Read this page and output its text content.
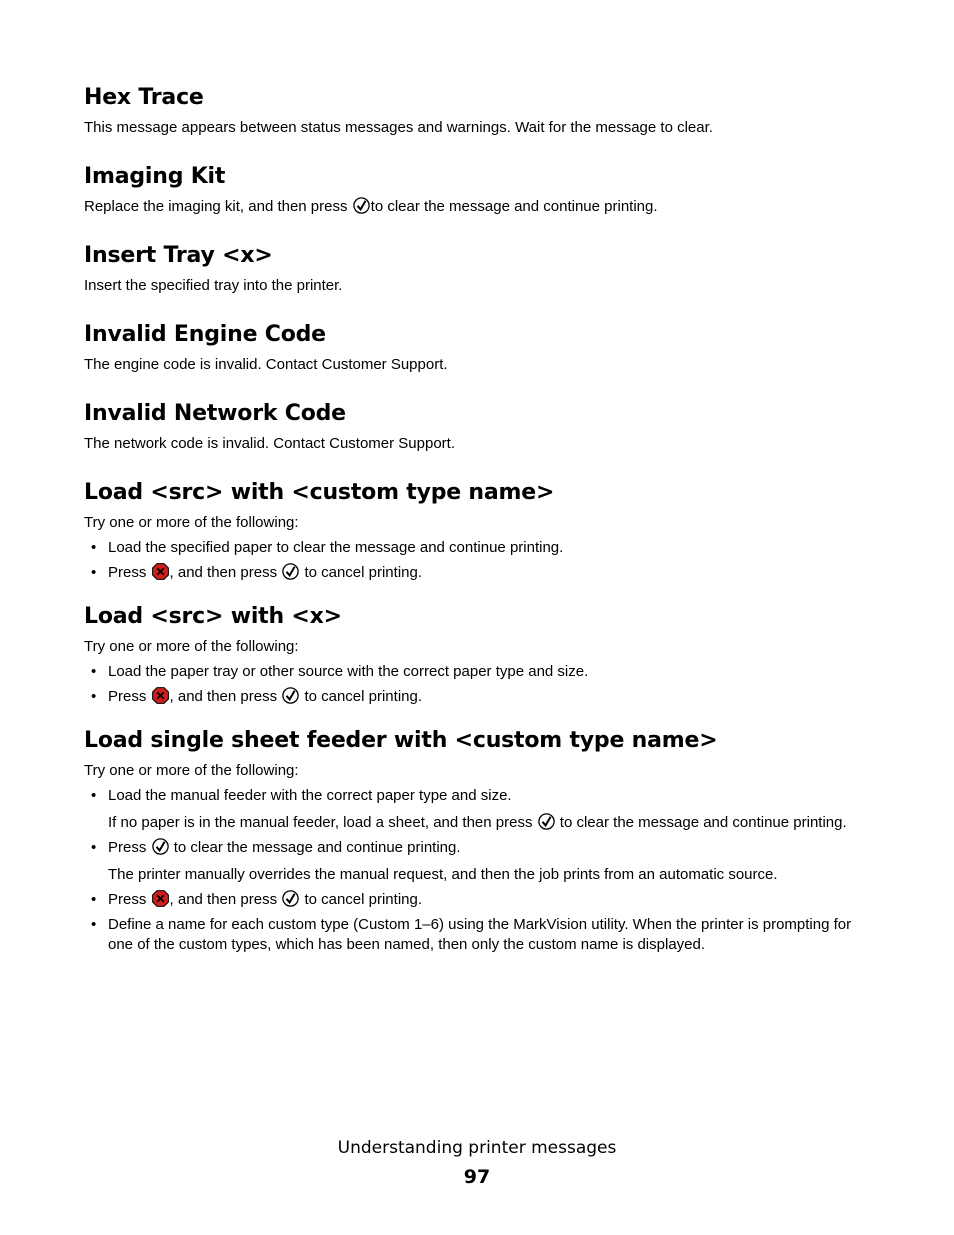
Hex Trace

This message appears between status messages and warnings. Wait for the message to clear.

Imaging Kit

Replace the imaging kit, and then press to clear the message and continue printing.

Insert Tray <x>

Insert the specified tray into the printer.

Invalid Engine Code

The engine code is invalid. Contact Customer Support.

Invalid Network Code

The network code is invalid. Contact Customer Support.

Load <src> with <custom type name>

Try one or more of the following:

• Load the specified paper to clear the message and continue printing.
• Press , and then press to cancel printing.
Load <src> with <x>

Try one or more of the following:

• Load the paper tray or other source with the correct paper type and size.
• Press , and then press to cancel printing.
Load single sheet feeder with <custom type name>

Try one or more of the following:

• Load the manual feeder with the correct paper type and size.
If no paper is in the manual feeder, load a sheet, and then press to clear the message and continue printing.
• Press to clear the message and continue printing.
The printer manually overrides the manual request, and then the job prints from an automatic source.
• Press , and then press to cancel printing.
• Define a name for each custom type (Custom 1–6) using the MarkVision utility. When the printer is prompting for one of the custom types, which has been named, then only the custom name is displayed.
Understanding printer messages
97
